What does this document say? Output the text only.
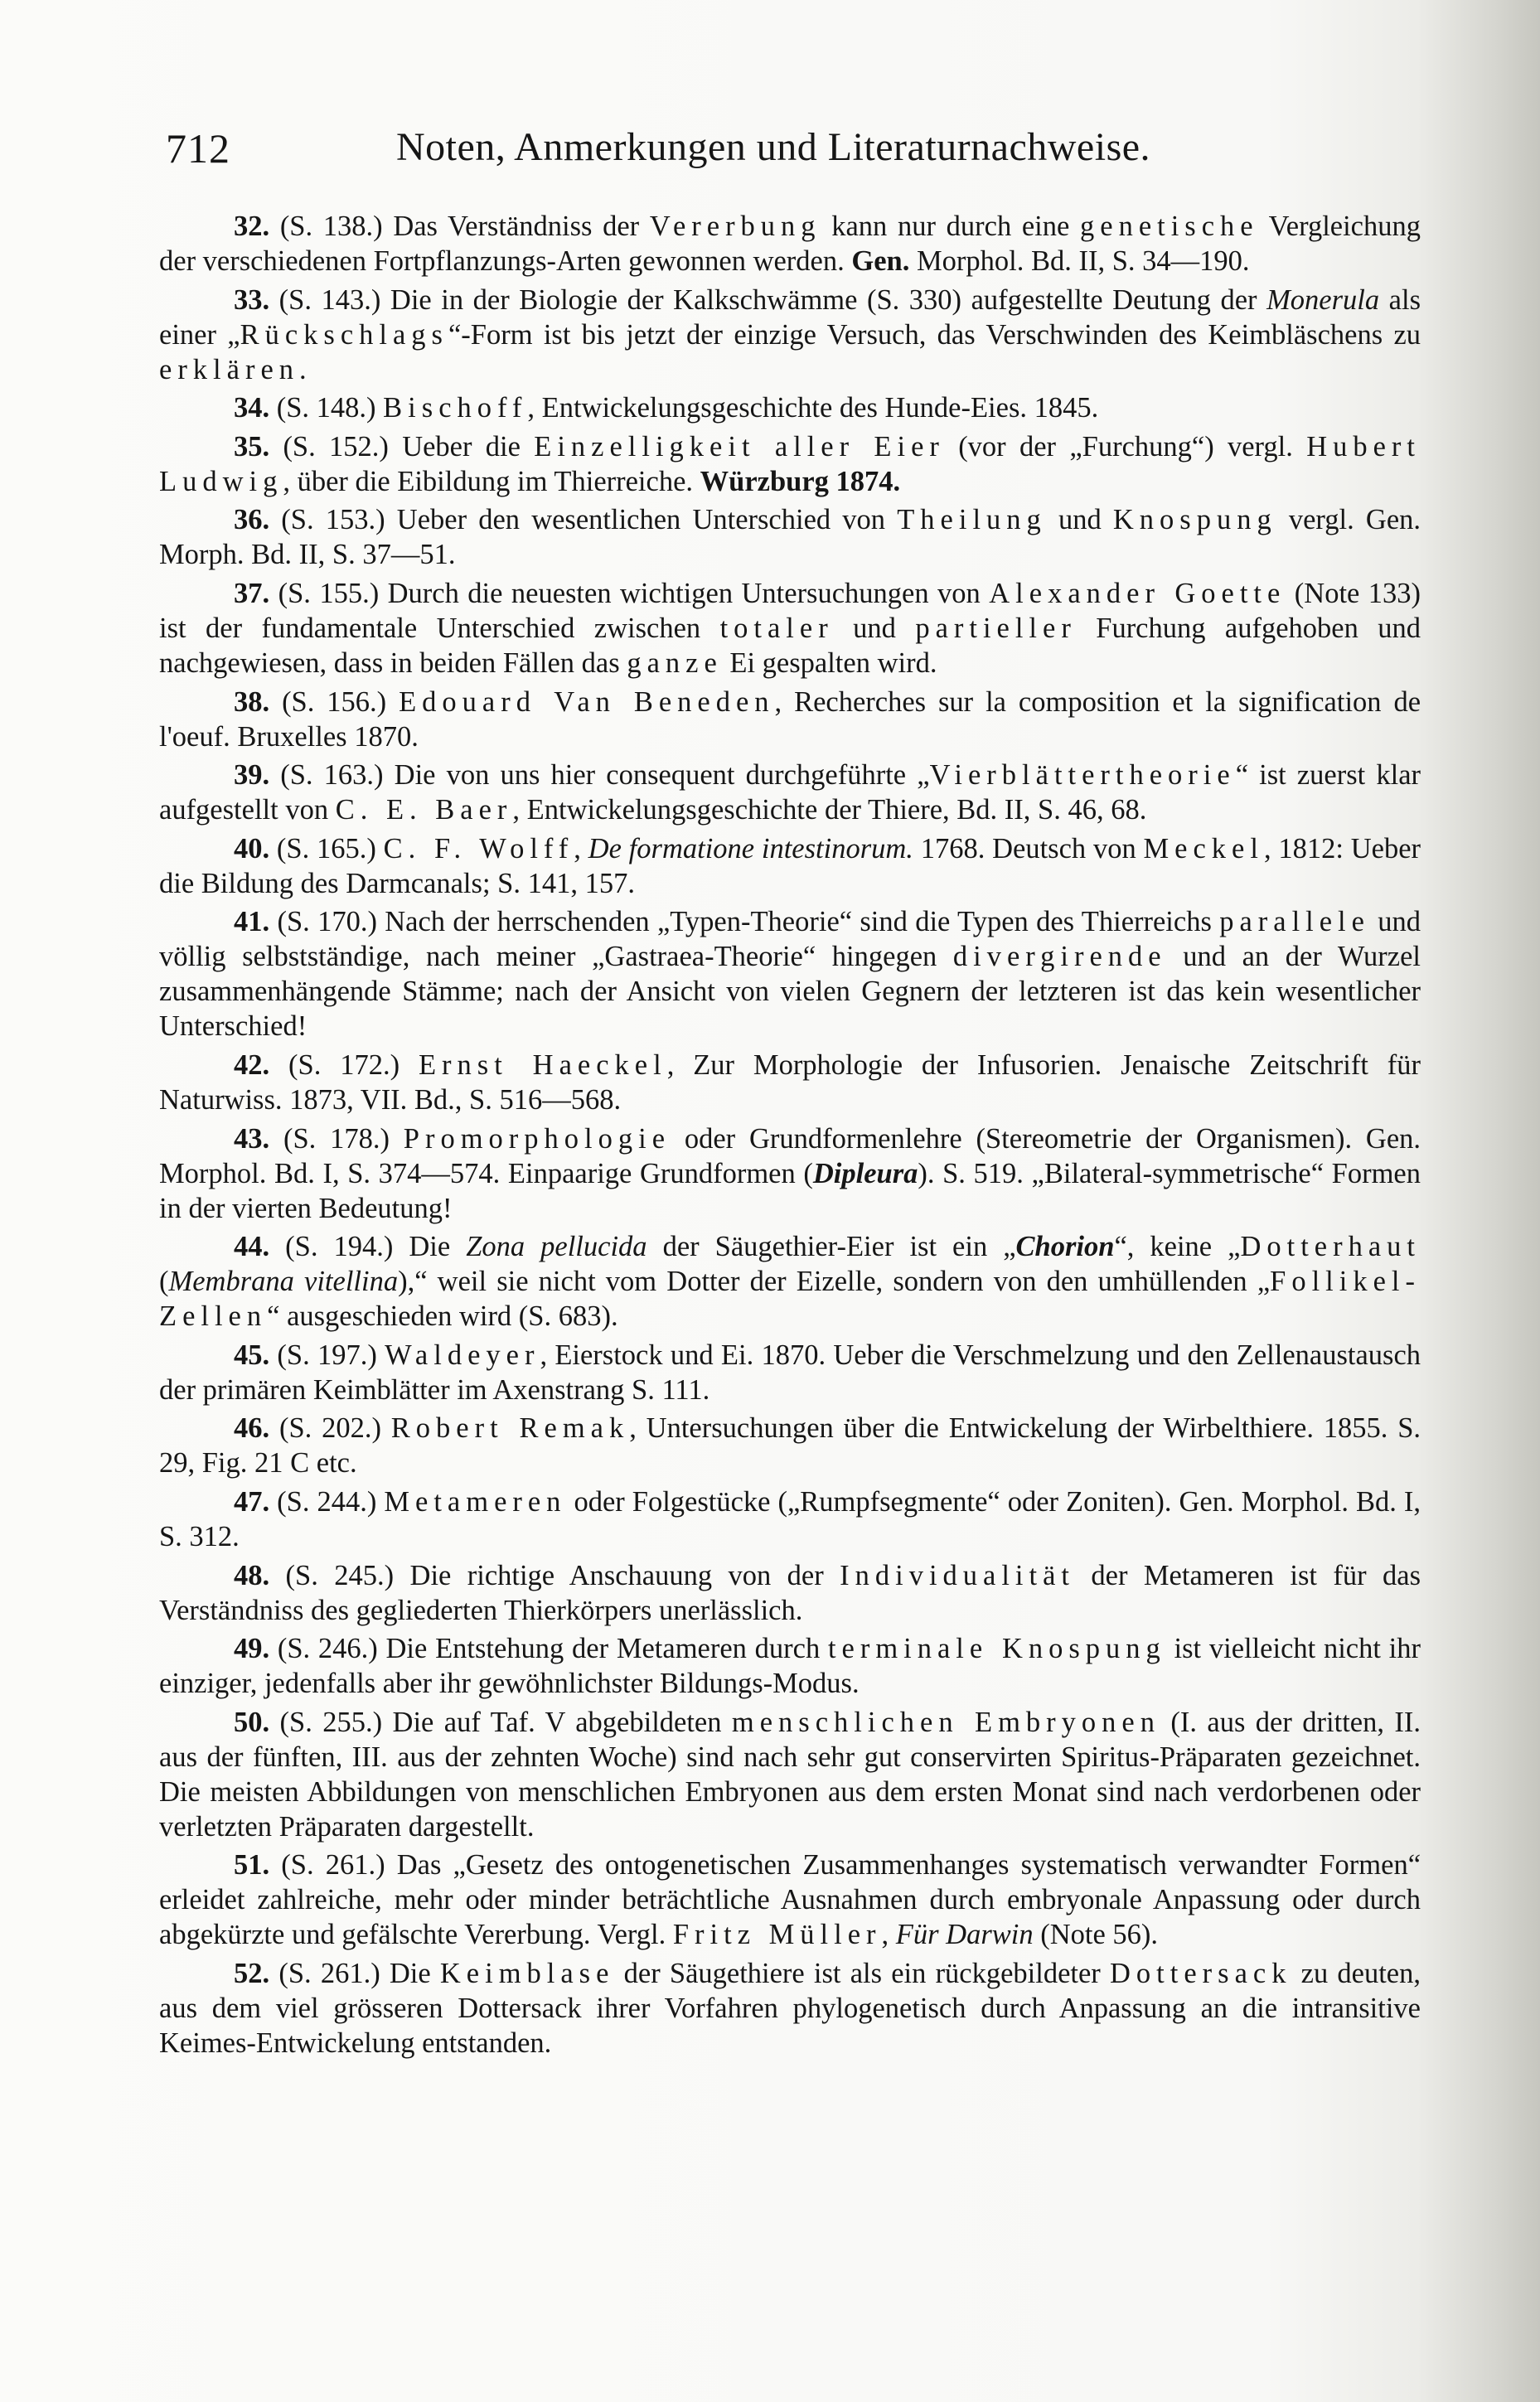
712	Noten, Anmerkungen und Literaturnachweise.

32. (S. 138.) Das Verständniss der Vererbung kann nur durch eine genetische Vergleichung der verschiedenen Fortpflanzungs-Arten gewonnen werden. Gen. Morphol. Bd. II, S. 34—190.

33. (S. 143.) Die in der Biologie der Kalkschwämme (S. 330) aufgestellte Deutung der Monerula als einer „Rückschlags“-Form ist bis jetzt der einzige Versuch, das Verschwinden des Keimbläschens zu erklären.

34. (S. 148.) Bischoff, Entwickelungsgeschichte des Hunde-Eies. 1845.

35. (S. 152.) Ueber die Einzelligkeit aller Eier (vor der „Furchung“) vergl. Hubert Ludwig, über die Eibildung im Thierreiche. Würzburg 1874.

36. (S. 153.) Ueber den wesentlichen Unterschied von Theilung und Knospung vergl. Gen. Morph. Bd. II, S. 37—51.

37. (S. 155.) Durch die neuesten wichtigen Untersuchungen von Alexander Goette (Note 133) ist der fundamentale Unterschied zwischen totaler und partieller Furchung aufgehoben und nachgewiesen, dass in beiden Fällen das ganze Ei gespalten wird.

38. (S. 156.) Edouard Van Beneden, Recherches sur la composition et la signification de l'oeuf. Bruxelles 1870.

39. (S. 163.) Die von uns hier consequent durchgeführte „Vierblättertheorie“ ist zuerst klar aufgestellt von C. E. Baer, Entwickelungsgeschichte der Thiere, Bd. II, S. 46, 68.

40. (S. 165.) C. F. Wolff, De formatione intestinorum. 1768. Deutsch von Meckel, 1812: Ueber die Bildung des Darmcanals; S. 141, 157.

41. (S. 170.) Nach der herrschenden „Typen-Theorie“ sind die Typen des Thierreichs parallele und völlig selbstständige, nach meiner „Gastraea-Theorie“ hingegen divergirende und an der Wurzel zusammenhängende Stämme; nach der Ansicht von vielen Gegnern der letzteren ist das kein wesentlicher Unterschied!

42. (S. 172.) Ernst Haeckel, Zur Morphologie der Infusorien. Jenaische Zeitschrift für Naturwiss. 1873, VII. Bd., S. 516—568.

43. (S. 178.) Promorphologie oder Grundformenlehre (Stereometrie der Organismen). Gen. Morphol. Bd. I, S. 374—574. Einpaarige Grundformen (Dipleura). S. 519. „Bilateral-symmetrische“ Formen in der vierten Bedeutung!

44. (S. 194.) Die Zona pellucida der Säugethier-Eier ist ein „Chorion“, keine „Dotterhaut (Membrana vitellina),“ weil sie nicht vom Dotter der Eizelle, sondern von den umhüllenden „Follikel-Zellen“ ausgeschieden wird (S. 683).

45. (S. 197.) Waldeyer, Eierstock und Ei. 1870. Ueber die Verschmelzung und den Zellenaustausch der primären Keimblätter im Axenstrang S. 111.

46. (S. 202.) Robert Remak, Untersuchungen über die Entwickelung der Wirbelthiere. 1855. S. 29, Fig. 21 C etc.

47. (S. 244.) Metameren oder Folgestücke („Rumpfsegmente“ oder Zoniten). Gen. Morphol. Bd. I, S. 312.

48. (S. 245.) Die richtige Anschauung von der Individualität der Metameren ist für das Verständniss des gegliederten Thierkörpers unerlässlich.

49. (S. 246.) Die Entstehung der Metameren durch terminale Knospung ist vielleicht nicht ihr einziger, jedenfalls aber ihr gewöhnlichster Bildungs-Modus.

50. (S. 255.) Die auf Taf. V abgebildeten menschlichen Embryonen (I. aus der dritten, II. aus der fünften, III. aus der zehnten Woche) sind nach sehr gut conservirten Spiritus-Präparaten gezeichnet. Die meisten Abbildungen von menschlichen Embryonen aus dem ersten Monat sind nach verdorbenen oder verletzten Präparaten dargestellt.

51. (S. 261.) Das „Gesetz des ontogenetischen Zusammenhanges systematisch verwandter Formen“ erleidet zahlreiche, mehr oder minder beträchtliche Ausnahmen durch embryonale Anpassung oder durch abgekürzte und gefälschte Vererbung. Vergl. Fritz Müller, Für Darwin (Note 56).

52. (S. 261.) Die Keimblase der Säugethiere ist als ein rückgebildeter Dottersack zu deuten, aus dem viel grösseren Dottersack ihrer Vorfahren phylogenetisch durch Anpassung an die intransitive Keimes-Entwickelung entstanden.
